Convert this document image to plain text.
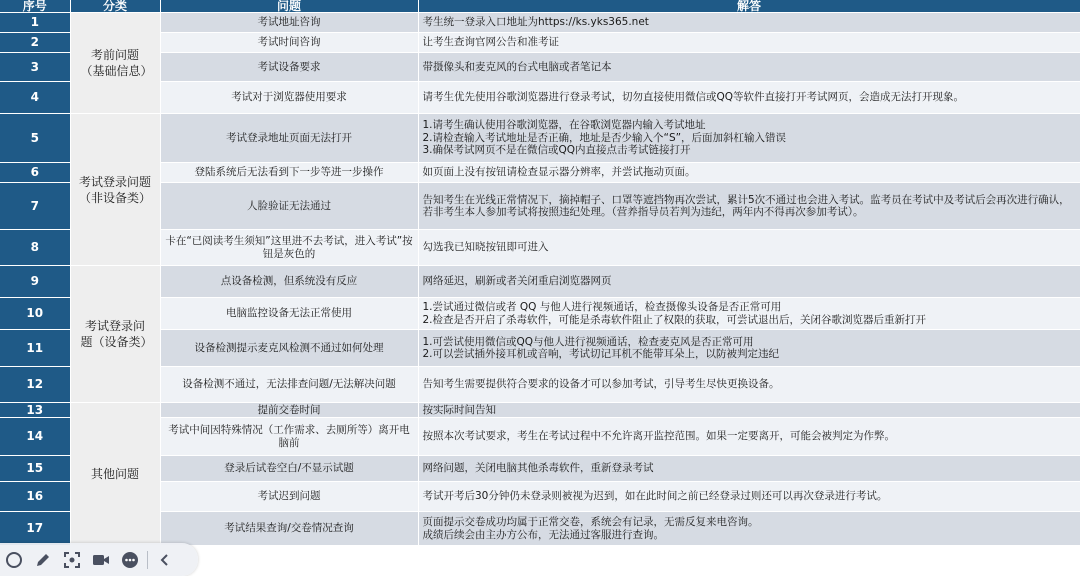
序号	分类	问题	解答
1	考前问题（基础信息）	考试地址咨询	考生统一登录入口地址为https://ks.yks365.net
2		考试时间咨询	让考生查询官网公告和准考证
3		考试设备要求	带摄像头和麦克风的台式电脑或者笔记本
4		考试对于浏览器使用要求	请考生优先使用谷歌浏览器进行登录考试，切勿直接使用微信或QQ等软件直接打开考试网页，会造成无法打开现象。
5	考试登录问题（非设备类）	考试登录地址页面无法打开	1.请考生确认使用谷歌浏览器，在谷歌浏览器内输入考试地址
2.请检查输入考试地址是否正确，地址是否少输入个“S”，后面加斜杠输入错误
3.确保考试网页不是在微信或QQ内直接点击考试链接打开
6		登陆系统后无法看到下一步等进一步操作	如页面上没有按钮请检查显示器分辨率，并尝试拖动页面。
7		人脸验证无法通过	告知考生在光线正常情况下，摘掉帽子、口罩等遮挡物再次尝试，累计5次不通过也会进入考试。监考员在考试中及考试后会再次进行确认，若非考生本人参加考试将按照违纪处理。（营养指导员若判为违纪，两年内不得再次参加考试）。
8		卡在“已阅读考生须知”这里进不去考试，进入考试”按钮是灰色的	勾选我已知晓按钮即可进入
9	考试登录问题（设备类）	点设备检测，但系统没有反应	网络延迟，刷新或者关闭重启浏览器网页
10		电脑监控设备无法正常使用	1.尝试通过微信或者 QQ 与他人进行视频通话，检查摄像头设备是否正常可用
2.检查是否开启了杀毒软件，可能是杀毒软件阻止了权限的获取，可尝试退出后，关闭谷歌浏览器后重新打开
11		设备检测提示麦克风检测不通过如何处理	1.可尝试使用微信或QQ与他人进行视频通话，检查麦克风是否正常可用
2.可以尝试插外接耳机或音响，考试切记耳机不能带耳朵上，以防被判定违纪
12		设备检测不通过，无法排查问题/无法解决问题	告知考生需要提供符合要求的设备才可以参加考试，引导考生尽快更换设备。
13	其他问题	提前交卷时间	按实际时间告知
14		考试中间因特殊情况（工作需求、去厕所等）离开电脑前	按照本次考试要求，考生在考试过程中不允许离开监控范围。如果一定要离开，可能会被判定为作弊。
15		登录后试卷空白/不显示试题	网络问题，关闭电脑其他杀毒软件，重新登录考试
16		考试迟到问题	考试开考后30分钟仍未登录则被视为迟到，如在此时间之前已经登录过则还可以再次登录进行考试。
17		考试结果查询/交卷情况查询	页面提示交卷成功均属于正常交卷，系统会有记录，无需反复来电咨询。
成绩后续会由主办方公布，无法通过客服进行查询。
